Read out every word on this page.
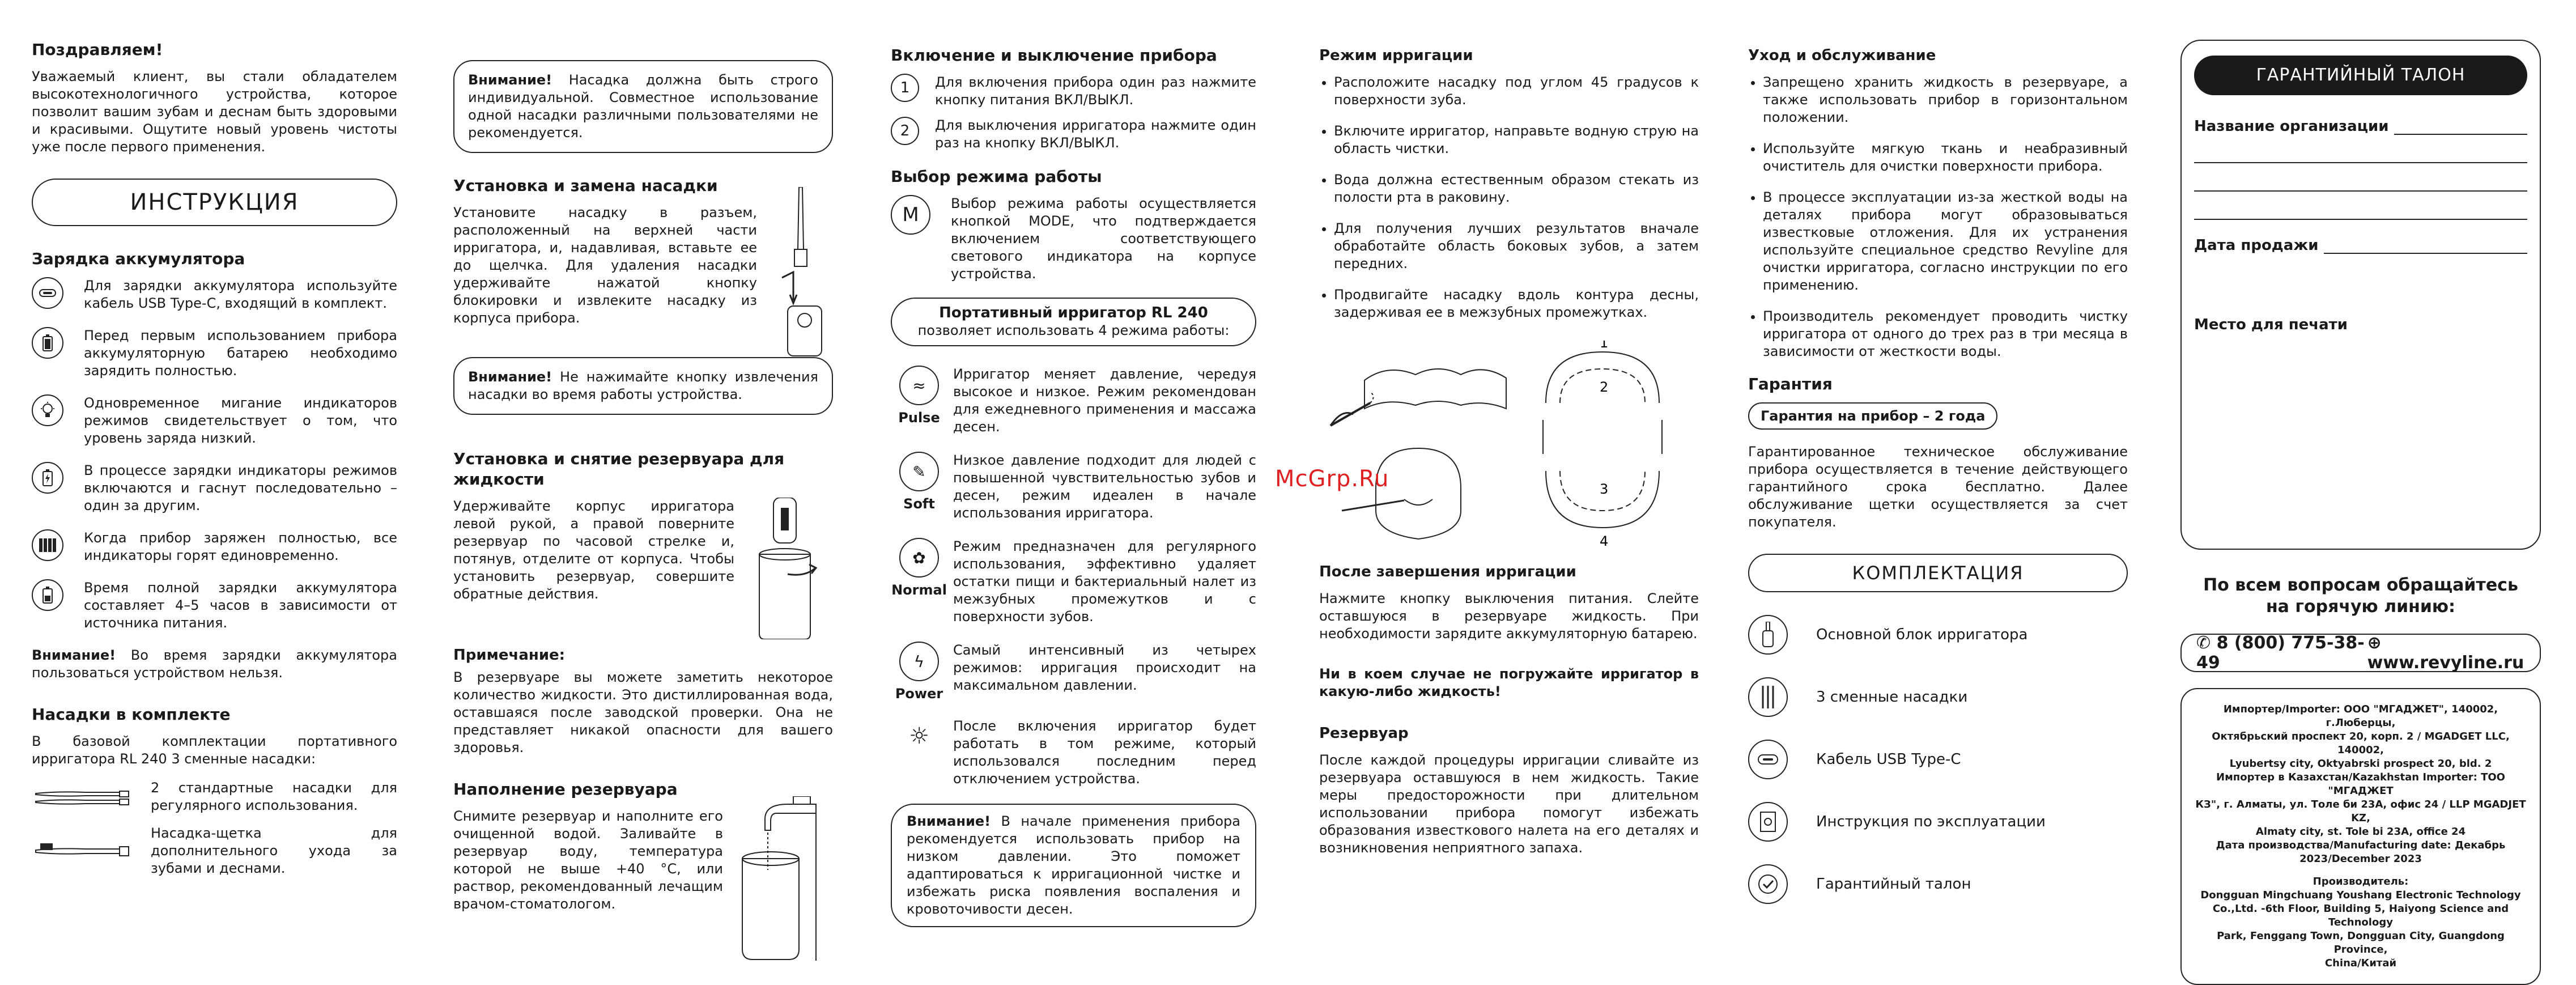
Поздравляем!

Уважаемый клиент, вы стали обладателем высокотехнологичного устройства, которое позволит вашим зубам и деснам быть здоровыми и красивыми. Ощутите новый уровень чистоты уже после первого применения.

ИНСТРУКЦИЯ
Зарядка аккумулятора

Для зарядки аккумулятора используйте кабель USB Type-C, входящий в комплект.

Перед первым использованием прибора аккумуляторную батарею необходимо зарядить полностью.

Одновременное мигание индикаторов режимов свидетельствует о том, что уровень заряда низкий.

В процессе зарядки индикаторы режимов включаются и гаснут последовательно – один за другим.

Когда прибор заряжен полностью, все индикаторы горят единовременно.

Время полной зарядки аккумулятора составляет 4–5 часов в зависимости от источника питания.

Внимание! Во время зарядки аккумулятора пользоваться устройством нельзя.

Насадки в комплекте

В базовой комплектации портативного ирригатора RL 240 3 сменные насадки:

2 стандартные насадки для регулярного использования.

Насадка-щетка для дополнительного ухода за зубами и деснами.

Внимание! Насадка должна быть строго индивидуальной. Совместное использование одной насадки различными пользователями не рекомендуется.
Установка и замена насадки

Установите насадку в разъем, расположенный на верхней части ирригатора, и, надавливая, вставьте ее до щелчка. Для удаления насадки удерживайте нажатой кнопку блокировки и извлеките насадку из корпуса прибора.

Внимание! Не нажимайте кнопку извлечения насадки во время работы устройства.
Установка и снятие резервуара для жидкости

Удерживайте корпус ирригатора левой рукой, а правой поверните резервуар по часовой стрелке и, потянув, отделите от корпуса. Чтобы установить резервуар, совершите обратные действия.

Примечание:

В резервуаре вы можете заметить некоторое количество жидкости. Это дистиллированная вода, оставшаяся после заводской проверки. Она не представляет никакой опасности для вашего здоровья.

Наполнение резервуара

Снимите резервуар и наполните его очищенной водой. Заливайте в резервуар воду, температура которой не выше +40 °C, или раствор, рекомендованный лечащим врачом-стоматологом.

Включение и выключение прибора
1	Для включения прибора один раз нажмите кнопку питания ВКЛ/ВЫКЛ.

2	Для выключения ирригатора нажмите один раз на кнопку ВКЛ/ВЫКЛ.

Выбор режима работы
M	Выбор режима работы осуществляется кнопкой MODE, что подтверждается включением соответствующего светового индикатора на корпусе устройства.

Портативный ирригатор RL 240
позволяет использовать 4 режима работы:
≈
Pulse

Ирригатор меняет давление, чередуя высокое и низкое. Режим рекомендован для ежедневного применения и массажа десен.

✎
Soft

Низкое давление подходит для людей с повышенной чувствительностью зубов и десен, режим идеален в начале использования ирригатора.

✿
Normal

Режим предназначен для регулярного использования, эффективно удаляет остатки пищи и бактериальный налет из межзубных промежутков и с поверхности зубов.

ϟ
Power

Самый интенсивный из четырех режимов: ирригация происходит на максимальном давлении.

☼	После включения ирригатор будет работать в том режиме, который использовался последним перед отключением устройства.

Внимание! В начале применения прибора рекомендуется использовать прибор на низком давлении. Это поможет адаптироваться к ирригационной чистке и избежать риска появления воспаления и кровоточивости десен.
Режим ирригации
• Расположите насадку под углом 45 градусов к поверхности зуба.
• Включите ирригатор, направьте водную струю на область чистки.
• Вода должна естественным образом стекать из полости рта в раковину.
• Для получения лучших результатов вначале обработайте область боковых зубов, а затем передних.
• Продвигайте насадку вдоль контура десны, задерживая ее в межзубных промежутках.
1
2
3
4
После завершения ирригации

Нажмите кнопку выключения питания. Слейте оставшуюся в резервуаре жидкость. При необходимости зарядите аккумуляторную батарею.

Ни в коем случае не погружайте ирригатор в какую-либо жидкость!

Резервуар

После каждой процедуры ирригации сливайте из резервуара оставшуюся в нем жидкость. Такие меры предосторожности при длительном использовании прибора помогут избежать образования известкового налета на его деталях и возникновения неприятного запаха.

Уход и обслуживание
• Запрещено хранить жидкость в резервуаре, а также использовать прибор в горизонтальном положении.
• Используйте мягкую ткань и неабразивный очиститель для очистки поверхности прибора.
• В процессе эксплуатации из-за жесткой воды на деталях прибора могут образовываться известковые отложения. Для их устранения используйте специальное средство Revyline для очистки ирригатора, согласно инструкции по его применению.
• Производитель рекомендует проводить чистку ирригатора от одного до трех раз в три месяца в зависимости от жесткости воды.
Гарантия
Гарантия на прибор – 2 года

Гарантированное техническое обслуживание прибора осуществляется в течение действующего гарантийного срока бесплатно. Далее обслуживание щетки осуществляется за счет покупателя.

КОМПЛЕКТАЦИЯ
Основной блок ирригатора
3 сменные насадки
Кабель USB Type-C
Инструкция по эксплуатации
Гарантийный талон
ГАРАНТИЙНЫЙ ТАЛОН
Название организации
Дата продажи
Место для печати
По всем вопросам обращайтесь
на горячую линию:
✆ 8 (800) 775-38-49
⊕ www.revyline.ru
Импортер/Importer: ООО "МГАДЖЕТ", 140002, г.Люберцы,
Октябрьский проспект 20, корп. 2 / MGADGET LLC, 140002,
Lyubertsy city, Oktyabrski prospect 20, bld. 2
Импортер в Казахстан/Kazakhstan Importer: ТОО "МГАДЖЕТ
КЗ", г. Алматы, ул. Толе би 23А, офис 24 / LLP MGADJET KZ,
Almaty city, st. Tole bi 23A, office 24
Дата производства/Manufacturing date: Декабрь
2023/December 2023
Производитель:
Dongguan Mingchuang Youshang Electronic Technology
Co.,Ltd. -6th Floor, Building 5, Haiyong Science and Technology
Park, Fenggang Town, Dongguan City, Guangdong Province,
China/Китай
McGrp.Ru
